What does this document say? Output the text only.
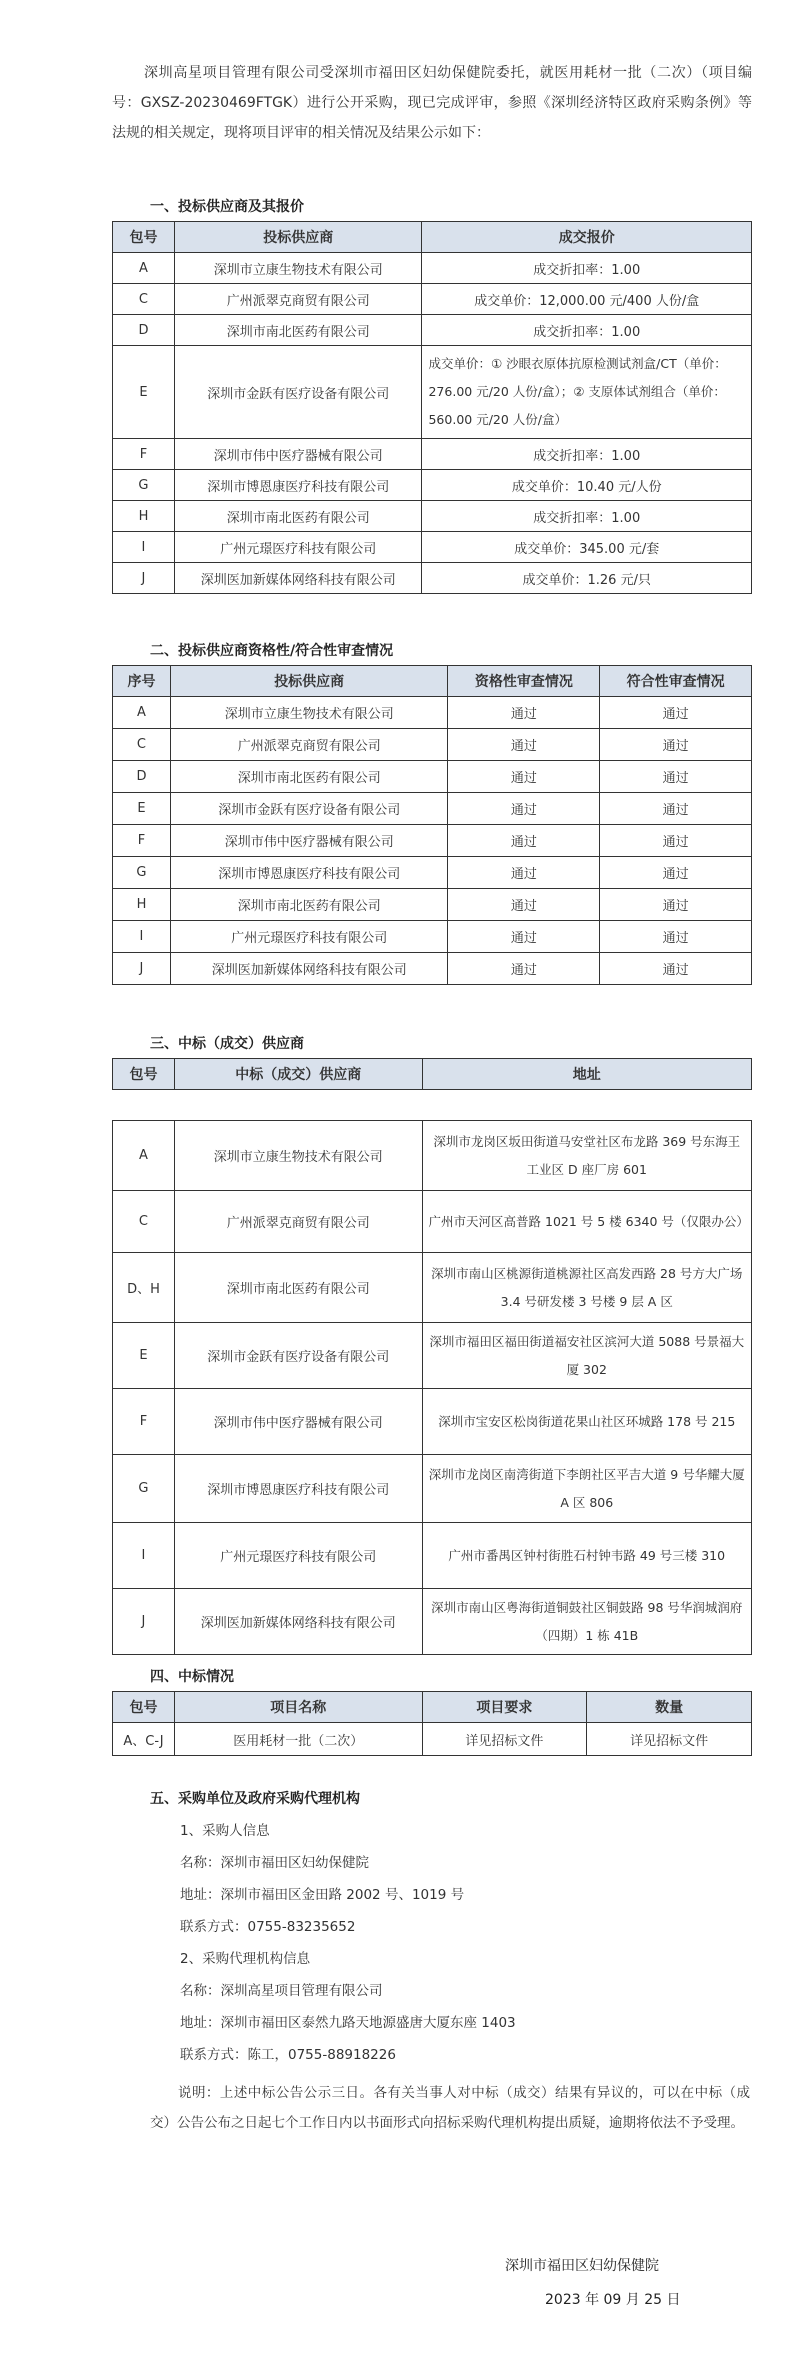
深圳高星项目管理有限公司受深圳市福田区妇幼保健院委托，就医用耗材一批（二次）（项目编号：GXSZ-20230469FTGK）进行公开采购，现已完成评审，参照《深圳经济特区政府采购条例》等法规的相关规定，现将项目评审的相关情况及结果公示如下：
一、投标供应商及其报价
包号	投标供应商	成交报价
A	深圳市立康生物技术有限公司	成交折扣率：1.00
C	广州派翠克商贸有限公司	成交单价：12,000.00 元/400 人份/盒
D	深圳市南北医药有限公司	成交折扣率：1.00
E	深圳市金跃有医疗设备有限公司	成交单价：① 沙眼衣原体抗原检测试剂盒/CT（单价：276.00 元/20 人份/盒）；② 支原体试剂组合（单价：560.00 元/20 人份/盒）
F	深圳市伟中医疗器械有限公司	成交折扣率：1.00
G	深圳市博恩康医疗科技有限公司	成交单价：10.40 元/人份
H	深圳市南北医药有限公司	成交折扣率：1.00
I	广州元璟医疗科技有限公司	成交单价：345.00 元/套
J	深圳医加新媒体网络科技有限公司	成交单价：1.26 元/只
二、投标供应商资格性/符合性审查情况
序号	投标供应商	资格性审查情况	符合性审查情况
A	深圳市立康生物技术有限公司	通过	通过
C	广州派翠克商贸有限公司	通过	通过
D	深圳市南北医药有限公司	通过	通过
E	深圳市金跃有医疗设备有限公司	通过	通过
F	深圳市伟中医疗器械有限公司	通过	通过
G	深圳市博恩康医疗科技有限公司	通过	通过
H	深圳市南北医药有限公司	通过	通过
I	广州元璟医疗科技有限公司	通过	通过
J	深圳医加新媒体网络科技有限公司	通过	通过
三、中标（成交）供应商
包号	中标（成交）供应商	地址
A	深圳市立康生物技术有限公司	深圳市龙岗区坂田街道马安堂社区布龙路 369 号东海王工业区 D 座厂房 601
C	广州派翠克商贸有限公司	广州市天河区高普路 1021 号 5 楼 6340 号（仅限办公）
D、H	深圳市南北医药有限公司	深圳市南山区桃源街道桃源社区高发西路 28 号方大广场 3.4 号研发楼 3 号楼 9 层 A 区
E	深圳市金跃有医疗设备有限公司	深圳市福田区福田街道福安社区滨河大道 5088 号景福大厦 302
F	深圳市伟中医疗器械有限公司	深圳市宝安区松岗街道花果山社区环城路 178 号 215
G	深圳市博恩康医疗科技有限公司	深圳市龙岗区南湾街道下李朗社区平吉大道 9 号华耀大厦 A 区 806
I	广州元璟医疗科技有限公司	广州市番禺区钟村街胜石村钟韦路 49 号三楼 310
J	深圳医加新媒体网络科技有限公司	深圳市南山区粤海街道铜鼓社区铜鼓路 98 号华润城润府（四期）1 栋 41B
四、中标情况
包号	项目名称	项目要求	数量
A、C-J	医用耗材一批（二次）	详见招标文件	详见招标文件
五、采购单位及政府采购代理机构
1、采购人信息
名称：深圳市福田区妇幼保健院
地址：深圳市福田区金田路 2002 号、1019 号
联系方式：0755-83235652
2、采购代理机构信息
名称：深圳高星项目管理有限公司
地址：深圳市福田区泰然九路天地源盛唐大厦东座 1403
联系方式：陈工，0755-88918226
说明：上述中标公告公示三日。各有关当事人对中标（成交）结果有异议的，可以在中标（成交）公告公布之日起七个工作日内以书面形式向招标采购代理机构提出质疑，逾期将依法不予受理。
深圳市福田区妇幼保健院
2023 年 09 月 25 日
